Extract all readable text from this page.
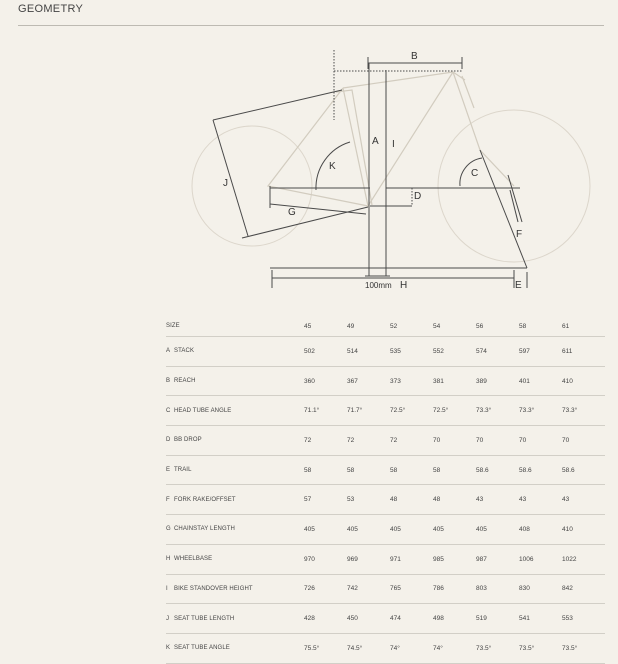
GEOMETRY
B
A I
K
C
J
D
G
F
100mm H	E
SIZE		45	49	52	54	56	58	61
A	STACK	502	514	535	552	574	597	611
B	REACH	360	367	373	381	389	401	410
C	HEAD TUBE ANGLE	71.1°	71.7°	72.5°	72.5°	73.3°	73.3°	73.3°
D	BB DROP	72	72	72	70	70	70	70
E	TRAIL	58	58	58	58	58.6	58.6	58.6
F	FORK RAKE/OFFSET	57	53	48	48	43	43	43
G	CHAINSTAY LENGTH	405	405	405	405	405	408	410
H	WHEELBASE	970	969	971	985	987	1006	1022
I	BIKE STANDOVER HEIGHT	726	742	765	786	803	830	842
J	SEAT TUBE LENGTH	428	450	474	498	519	541	553
K	SEAT TUBE ANGLE	75.5°	74.5°	74°	74°	73.5°	73.5°	73.5°
